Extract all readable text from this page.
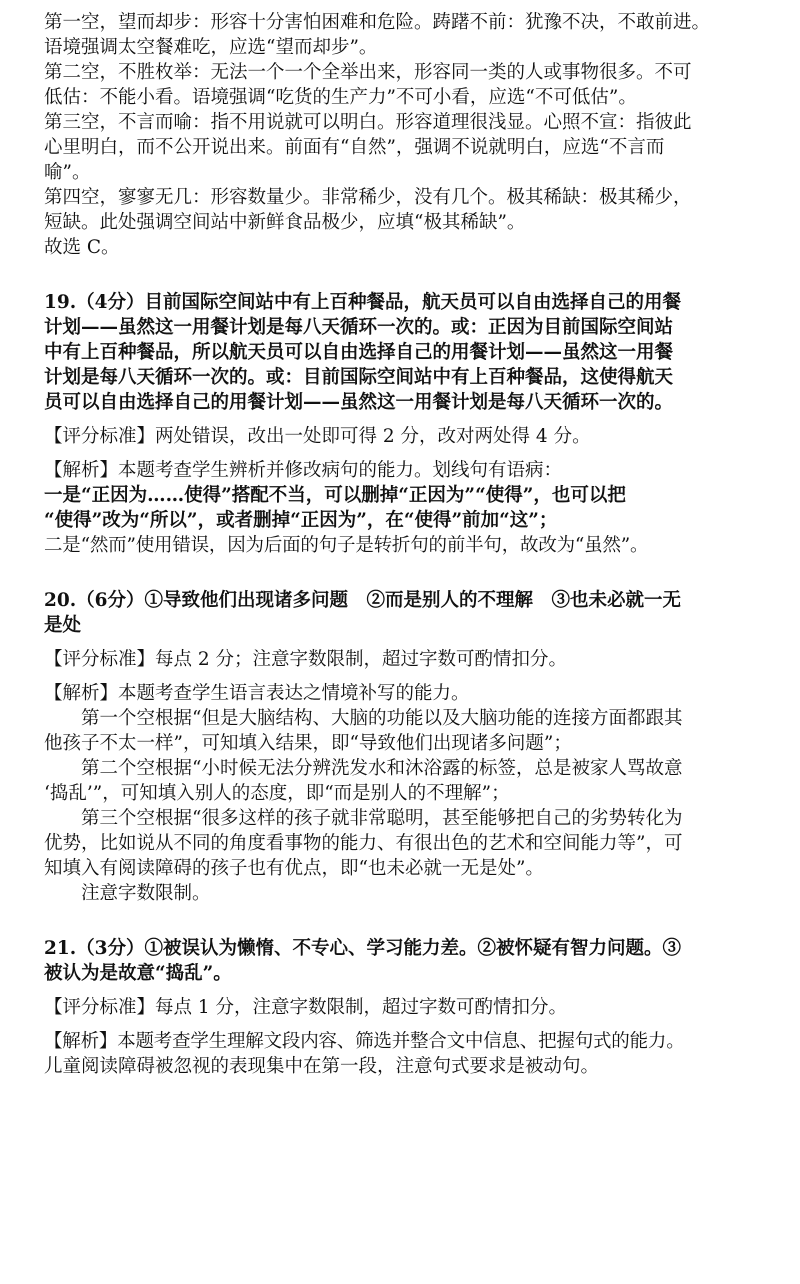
第一空，望而却步：形容十分害怕困难和危险。踌躇不前：犹豫不决，不敢前进。

语境强调太空餐难吃，应选“望而却步”。

第二空，不胜枚举：无法一个一个全举出来，形容同一类的人或事物很多。不可

低估：不能小看。语境强调“吃货的生产力”不可小看，应选“不可低估”。

第三空，不言而喻：指不用说就可以明白。形容道理很浅显。心照不宣：指彼此

心里明白，而不公开说出来。前面有“自然”，强调不说就明白，应选“不言而

喻”。

第四空，寥寥无几：形容数量少。非常稀少，没有几个。极其稀缺：极其稀少，

短缺。此处强调空间站中新鲜食品极少，应填“极其稀缺”。

故选 C。

19.（4分）目前国际空间站中有上百种餐品，航天员可以自由选择自己的用餐

计划——虽然这一用餐计划是每八天循环一次的。或：正因为目前国际空间站

中有上百种餐品，所以航天员可以自由选择自己的用餐计划——虽然这一用餐

计划是每八天循环一次的。或：目前国际空间站中有上百种餐品，这使得航天

员可以自由选择自己的用餐计划——虽然这一用餐计划是每八天循环一次的。

【评分标准】两处错误，改出一处即可得 2 分，改对两处得 4 分。

【解析】本题考查学生辨析并修改病句的能力。划线句有语病：

一是“正因为……使得”搭配不当，可以删掉“正因为”“使得”，也可以把

“使得”改为“所以”，或者删掉“正因为”，在“使得”前加“这”；

二是“然而”使用错误，因为后面的句子是转折句的前半句，故改为“虽然”。

20.（6分）①导致他们出现诸多问题　②而是别人的不理解　③也未必就一无

是处

【评分标准】每点 2 分；注意字数限制，超过字数可酌情扣分。

【解析】本题考查学生语言表达之情境补写的能力。

第一个空根据“但是大脑结构、大脑的功能以及大脑功能的连接方面都跟其

他孩子不太一样”，可知填入结果，即“导致他们出现诸多问题”；

第二个空根据“小时候无法分辨洗发水和沐浴露的标签，总是被家人骂故意

‘捣乱’”，可知填入别人的态度，即“而是别人的不理解”；

第三个空根据“很多这样的孩子就非常聪明，甚至能够把自己的劣势转化为

优势，比如说从不同的角度看事物的能力、有很出色的艺术和空间能力等”，可

知填入有阅读障碍的孩子也有优点，即“也未必就一无是处”。

注意字数限制。

21.（3分）①被误认为懒惰、不专心、学习能力差。②被怀疑有智力问题。③

被认为是故意“捣乱”。

【评分标准】每点 1 分，注意字数限制，超过字数可酌情扣分。

【解析】本题考查学生理解文段内容、筛选并整合文中信息、把握句式的能力。

儿童阅读障碍被忽视的表现集中在第一段，注意句式要求是被动句。
